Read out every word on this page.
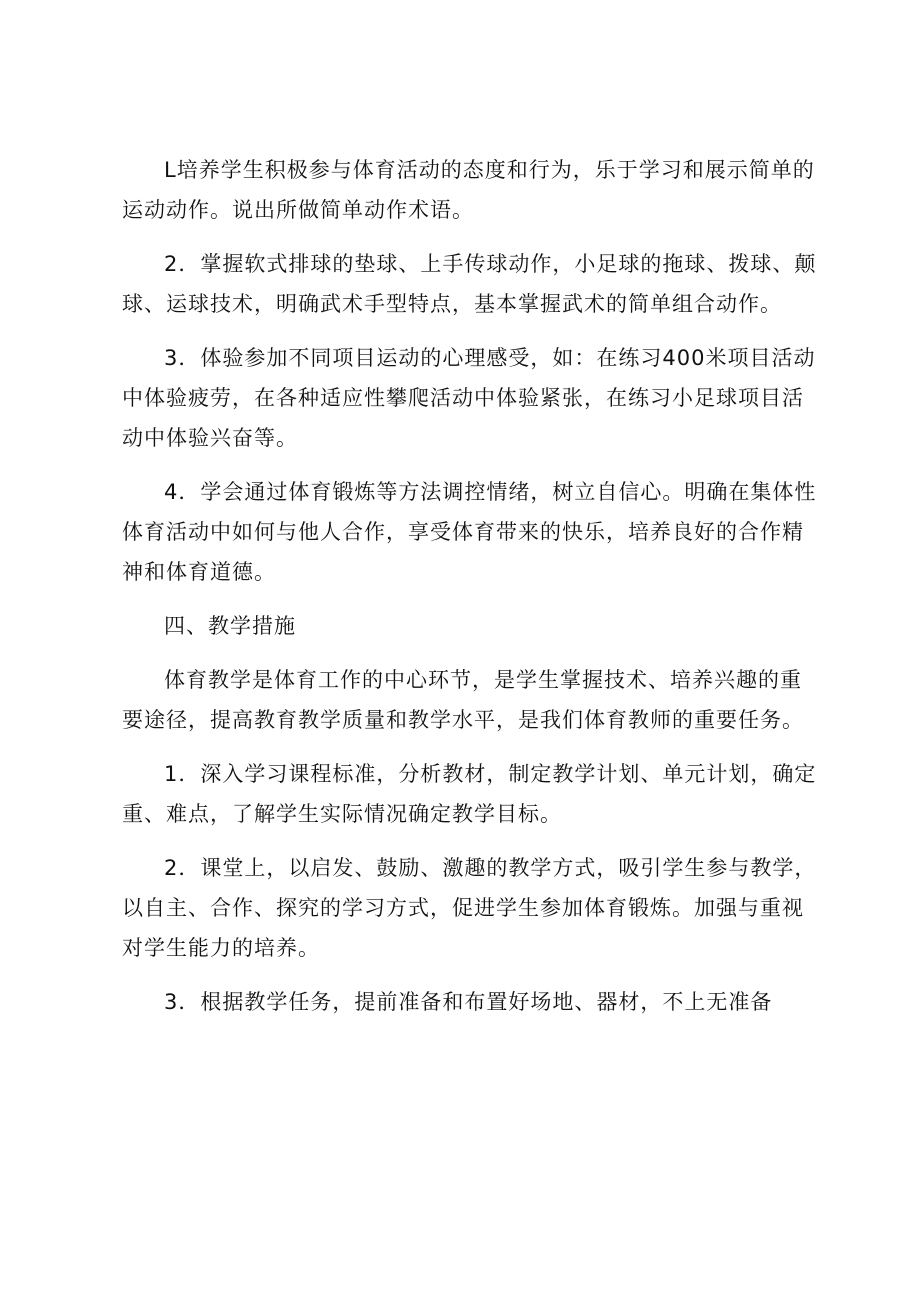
L培养学生积极参与体育活动的态度和行为，乐于学习和展示简单的运动动作。说出所做简单动作术语。

2．掌握软式排球的垫球、上手传球动作，小足球的拖球、拨球、颠球、运球技术，明确武术手型特点，基本掌握武术的简单组合动作。

3．体验参加不同项目运动的心理感受，如：在练习400米项目活动中体验疲劳，在各种适应性攀爬活动中体验紧张，在练习小足球项目活动中体验兴奋等。

4．学会通过体育锻炼等方法调控情绪，树立自信心。明确在集体性体育活动中如何与他人合作，享受体育带来的快乐，培养良好的合作精神和体育道德。

四、教学措施

体育教学是体育工作的中心环节，是学生掌握技术、培养兴趣的重要途径，提高教育教学质量和教学水平，是我们体育教师的重要任务。

1．深入学习课程标准，分析教材，制定教学计划、单元计划，确定重、难点，了解学生实际情况确定教学目标。

2．课堂上，以启发、鼓励、激趣的教学方式，吸引学生参与教学，以自主、合作、探究的学习方式，促进学生参加体育锻炼。加强与重视对学生能力的培养。

3．根据教学任务，提前准备和布置好场地、器材，不上无准备
